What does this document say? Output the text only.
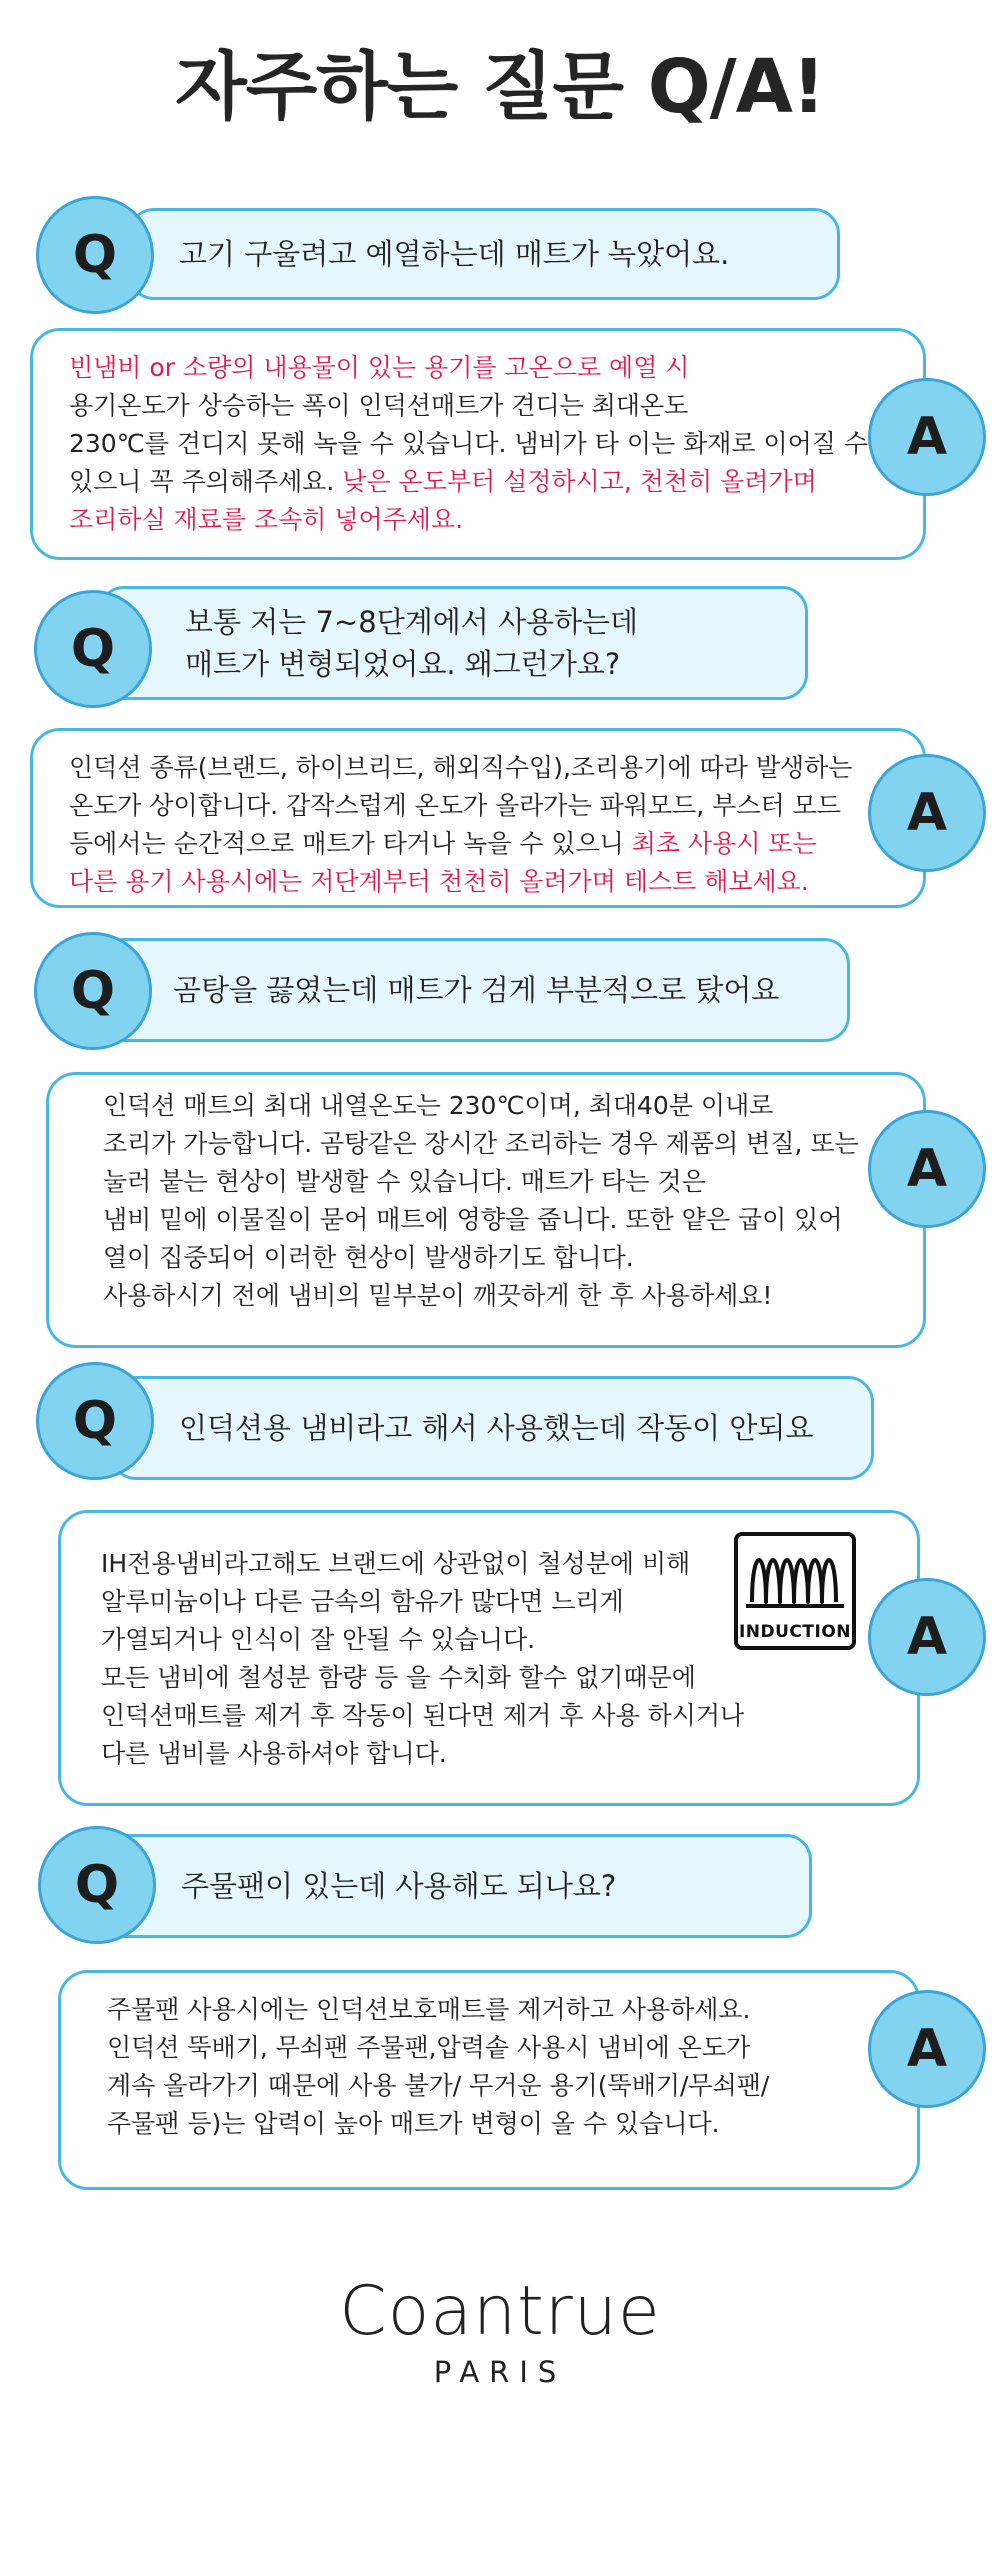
자주하는 질문 Q/A!
고기 구울려고 예열하는데 매트가 녹았어요.
Q

빈냄비 or 소량의 내용물이 있는 용기를 고온으로 예열 시
용기온도가 상승하는 폭이 인덕션매트가 견디는 최대온도
230℃를 견디지 못해 녹을 수 있습니다. 냄비가 타 이는 화재로 이어질 수 있으니 꼭 주의해주세요. 낮은 온도부터 설정하시고, 천천히 올려가며
조리하실 재료를 조속히 넣어주세요.

A
보통 저는 7~8단계에서 사용하는데
매트가 변형되었어요. 왜그런가요?
Q

인덕션 종류(브랜드, 하이브리드, 해외직수입),조리용기에 따라 발생하는
온도가 상이합니다. 갑작스럽게 온도가 올라가는 파워모드, 부스터 모드
등에서는 순간적으로 매트가 타거나 녹을 수 있으니 최초 사용시 또는
다른 용기 사용시에는 저단계부터 천천히 올려가며 테스트 해보세요.

A
곰탕을 끓였는데 매트가 검게 부분적으로 탔어요
Q

인덕션 매트의 최대 내열온도는 230℃이며, 최대40분 이내로
조리가 가능합니다. 곰탕같은 장시간 조리하는 경우 제품의 변질, 또는
눌러 붙는 현상이 발생할 수 있습니다. 매트가 타는 것은
냄비 밑에 이물질이 묻어 매트에 영향을 줍니다. 또한 얕은 굽이 있어
열이 집중되어 이러한 현상이 발생하기도 합니다.
사용하시기 전에 냄비의 밑부분이 깨끗하게 한 후 사용하세요!

A
인덕션용 냄비라고 해서 사용했는데 작동이 안되요
Q

IH전용냄비라고해도 브랜드에 상관없이 철성분에 비해
알루미늄이나 다른 금속의 함유가 많다면 느리게
가열되거나 인식이 잘 안될 수 있습니다.
모든 냄비에 철성분 함량 등 을 수치화 할수 없기때문에
인덕션매트를 제거 후 작동이 된다면 제거 후 사용 하시거나
다른 냄비를 사용하셔야 합니다.

INDUCTION	A
주물팬이 있는데 사용해도 되나요?
Q

주물팬 사용시에는 인덕션보호매트를 제거하고 사용하세요.
인덕션 뚝배기, 무쇠팬 주물팬,압력솥 사용시 냄비에 온도가
계속 올라가기 때문에 사용 불가/ 무거운 용기(뚝배기/무쇠팬/
주물팬 등)는 압력이 높아 매트가 변형이 올 수 있습니다.

A
Coantrue
PARIS
